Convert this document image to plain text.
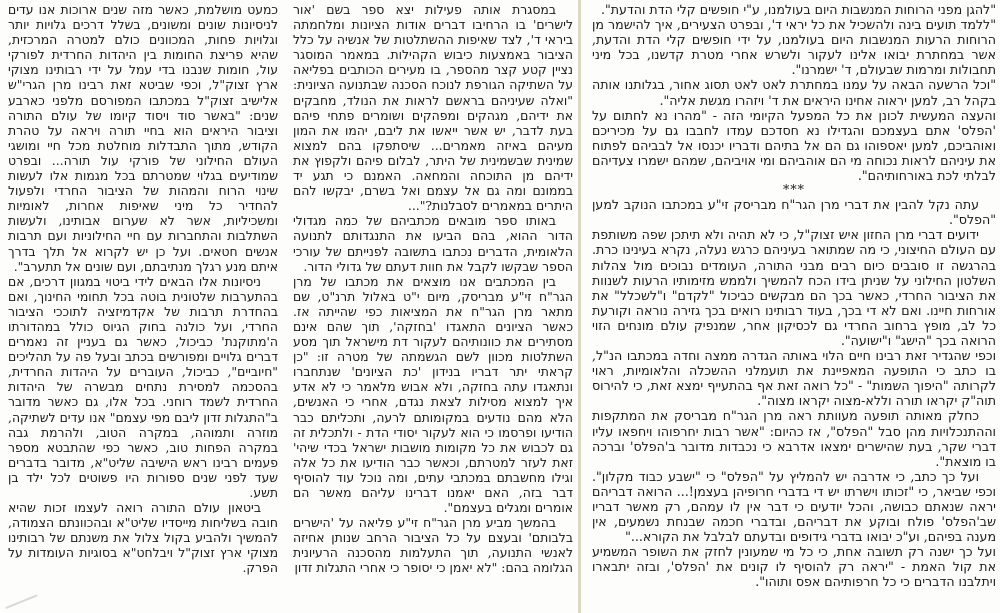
כמעט מושלמת, כאשר מזה שנים ארוכות אנו עדים לניסיונות שונים ומשונים, בשלל דרכים גלויות יותר וגלויות פחות, המכוונים כולם למטרה המרכזית, שהיא פריצת החומות בין היהדות החרדית לפורקי עול, חומות שנבנו בדי עמל על ידי רבותינו מצוקי ארץ זצוק"ל, וכפי שביטא זאת רבינו מרן הגרי"ש אלישיב זצוק"ל במכתבו המפורסם מלפני כארבע שנים: "באשר סוד ויסוד קיומו של עולם התורה וציבור היראים הוא בחיי תורה ויראה על טהרת הקודש, מתוך התבדלות מוחלטת מכל חיי ומושגי העולם החילוני של פורקי עול תורה... ובפרט שמודיעים בגלוי שמטרתם בכל מגמות אלו לעשות שינוי הרוח והמהות של הציבור החרדי ולפעול להחדיר כל מיני שאיפות אחרות, לאומיות ומשכיליות, אשר לא שערום אבותינו, ולעשות השתלבות והתחברות עם חיי החילוניות ועם תרבות אנשים חטאים. ועל כן יש לקרוא אל תלך בדרך איתם מנע רגלך מנתיבתם, ועם שונים אל תתערב".

ניסיונות אלו הבאים לידי ביטוי במגוון דרכים, אם בהתערבות שלטונית בוטה בכל תחומי החינוך, ואם בהחדרת תרבות של אקדמיזציה לתוככי הציבור החרדי, ועל כולנה בחוק הגיוס כולל במהדורתו ה'מתוקנת' כביכול, כאשר גם בעניין זה נאמרים דברים גלויים ומפורשים בכתב ובעל פה על תהליכים "חיוביים", כביכול, העוברים על היהדות החרדית, בהסכמה למסירת נתחים מבשרה של היהדות החרדית לשמד רוחני. בכל אלו, גם כאשר מדובר ב"התגלות זדון ליבם מפי עצמם" אנו עדים לשתיקה, מוזרה ותמוהה, במקרה הטוב, ולהרמת גבה במקרה הפחות טוב, כאשר כפי שהתבטא מספר פעמים רבינו ראש הישיבה שליט"א, מדובר בדברים שעד לפני שנים ספורות היו פשוטים לכל ילד בן תשע.

ביטאון עולם התורה רואה לעצמו זכות שהיא חובה בשליחות מייסדיו שליט"א ובהכוונתם הצמודה, להמשיך ולהביע בקול צלול את משנתם של רבותינו מצוקי ארץ זצוק"ל ויבלחט"א בסוגיות העומדות על הפרק.

במסגרת אותה פעילות יצא ספר בשם 'אור לישרים' בו הרחיבו דברים אודות הציונות ומלחמתה ביראי ד', לצד שאיפות ההשתלטות של אנשיה על כלל הציבור באמצעות כיבוש הקהילות. במאמר המוסגר נציין קטע קצר מהספר, בו מעירים הכותבים בפליאה על השתיקה הגורפת לנוכח הסכנה שבתנועה הציונית: "ואלה שעיניהם בראשם לראות את הנולד, מחבקים את ידיהם, מגהקים ומפהקים ושומרים פתחי פיהם בעת לדבר, יש אשר ייאשו את ליבם, יהמו את המון מעיהם באיזה מאמרים... שיסתפקו בהם למצוא שמינית שבשמינית של היתר, לבלום פיהם ולקפוץ את ידיהם מן התוכחה והמחאה. האמנם כי תגע יד בממונם ומה גם אל עצמם ואל בשרם, יבקשו להם היתרים במאמרים לסבלנות?"...

באותו ספר מובאים מכתביהם של כמה מגדולי הדור ההוא, בהם הביעו את התנגדותם לתנועה הלאומית, הדברים נכתבו בתשובה לפנייתם של עורכי הספר שבקשו לקבל את חוות דעתם של גדולי הדור.

בין המכתבים אנו מוצאים את מכתבו של מרן הגר"ח זי"ע מבריסק, מיום י"ט באלול תרנ"ט, שם מתאר מרן הגר"ח את המציאות כפי שהייתה אז. כאשר הציונים התאגדו 'בחזקה', תוך שהם אינם מסתירים את כוונותיהם לעקור דת מישראל תוך מסע השתלטות מכוון לשם הגשמתה של מטרה זו: "כן קראתי יתר דבריו בנידון 'כת הציונים' שנתחברו ונתאגדו עתה בחזקה, ולא אבוש מלאמר כי לא אדע איך למצוא מסילות לצאת נגדם, אחרי כי האנשים, הלא מהם נודעים במקומותם לרעה, ותכליתם כבר הודיעו ופרסמו כי הוא לעקור יסודי הדת - ולתכלית זה גם לכבוש את כל מקומות מושבות ישראל בכדי שיהי' זאת לעזר למטרתם, וכאשר כבר הודיעו את כל אלה וגילו מחשבתם במכתבי עתים, ומה נוכל עוד להוסיף דבר בזה, האם יאמנו דברינו עליהם מאשר הם אומרים ומגלים בעצמם".

בהמשך מביע מרן הגר"ח זי"ע פליאה על 'הישרים בלבותם' ובעצם על כל הציבור הרחב שנותן אחיזה לאנשי התנועה, תוך התעלמות מהסכנה הרעיונית הגלומה בהם: "לא יאמן כי יסופר כי אחרי התגלות זדון

"להגן מפני הרוחות המנשבות היום בעולמנו, ע"י חופשים קלי הדת והדעת".

"ללמד תועים בינה ולהשכיל את כל יראי ד', ובפרט הצעירים, איך להישמר מן הרוחות הרעות המנשבות היום בעולמנו, על ידי חופשים קלי הדת והדעת, אשר במחתרת יבואו אלינו לעקור ולשרש אחרי מטרת קדשנו, בכל מיני תחבולות ומרמות שבעולם, ד' ישמרנו".

"וכל הרשעה הבאה על עמנו במחתרת לאט לאט תסוג אחור, בגלותנו אותה בקהל רב, למען יראוה אחינו היראים את ד' ויזהרו מגשת אליה".

והעצה המעשית לכונן את כל המפעל הקיומי הזה - "מהרו נא לחתום על 'הפלס' אתם בעצמכם והגדילו נא חסדכם עמדו לחבבו גם על מכיריכם ואוהביכם, למען יאספוהו גם הם אל בתיהם ודבריו יכנסו אל לבביהם לפתוח את עיניהם לראות נכוחה מי הם אוהביהם ומי אויביהם, שמהם ישמרו צעדיהם לבלתי לכת באורחותיהם".

***

עתה נקל להבין את דברי מרן הגר"ח מבריסק זי"ע במכתבו הנוקב למען "הפלס".

ידועים דברי מרן החזון איש זצוק"ל, כי לא תהיה ולא תיתכן שפה משותפת עם העולם החיצוני, כי מה שמתואר בעיניהם כרגש נעלה, נקרא בעינינו כרת. בהרגשה זו סובבים כיום רבים מבני התורה, העומדים נבוכים מול צהלות השלטון החילוני על שניתן בידו הכח להמשיך ולממש מזימותיו הרעות לשנוות את הציבור החרדי, כאשר בכך הם מבקשים כביכול "לקדם" ו"לשכלל" את אורחות חיינו. ואם לא די בכך, בעוד רבותינו רואים בכך גזירה נוראה וקורעת כל לב, מופץ ברחוב החרדי גם לכסיקון אחר, שמנפיק עולם מונחים הזוי הרואה בכך "הישג" ו"ישועה".

וכפי שהגדיר זאת רבינו חיים הלוי באותה הגדרה ממצה וחדה במכתבו הנ"ל, בו כתב כי התופעה המאפיינת את תועמלני ההשכלה והלאומיות, ראוי לקרותה "היפוך השמות" - "כל רואה זאת אף בהתעייף ימצא זאת, כי להירוס תוה"ק יקראו תורה וללא-מצוה יקראו מצוה".

כחלק מאותה תופעה מעוותת ראה מרן הגר"ח מבריסק את המתקפות וההתנכלויות מהן סבל "הפלס", אז כהיום: "אשר רבות יחרפוהו ויחפאו עליו דברי שקר, בעת שהישרים ימצאו אדרבא כי נכבדות מדובר ב'הפלס' וברכה בו מוצאת".

ועל כך כתב, כי אדרבה יש להמליץ על "הפלס" כי "ישבע כבוד מקלון". וכפי שביאר, כי "זכותו וישרתו יש די בדברי חרופיהן בעצמן!... הרואה דבריהם יראה שנאתם כבושה, והכל יודעים כי דבר אין לו עמהם, רק מאשר דבריו שב'הפלס' פולח ובוקע את דבריהם, ובדברי חכמה שבנחת נשמעים, אין מענה בפיהם, וע"כ יבואו בדברי גידופים ובדעתם לבלבל את הקורא..."

ועל כך ישנה רק תשובה אחת, כי כל מי שמעונין לחזק את השופר המשמיע את קול האמת - "יראה רק להוסיף לו קונים את 'הפלס', ובזה יתבארו ויתלבנו הדברים כי כל חרפותיהם אפס ותוהו".
